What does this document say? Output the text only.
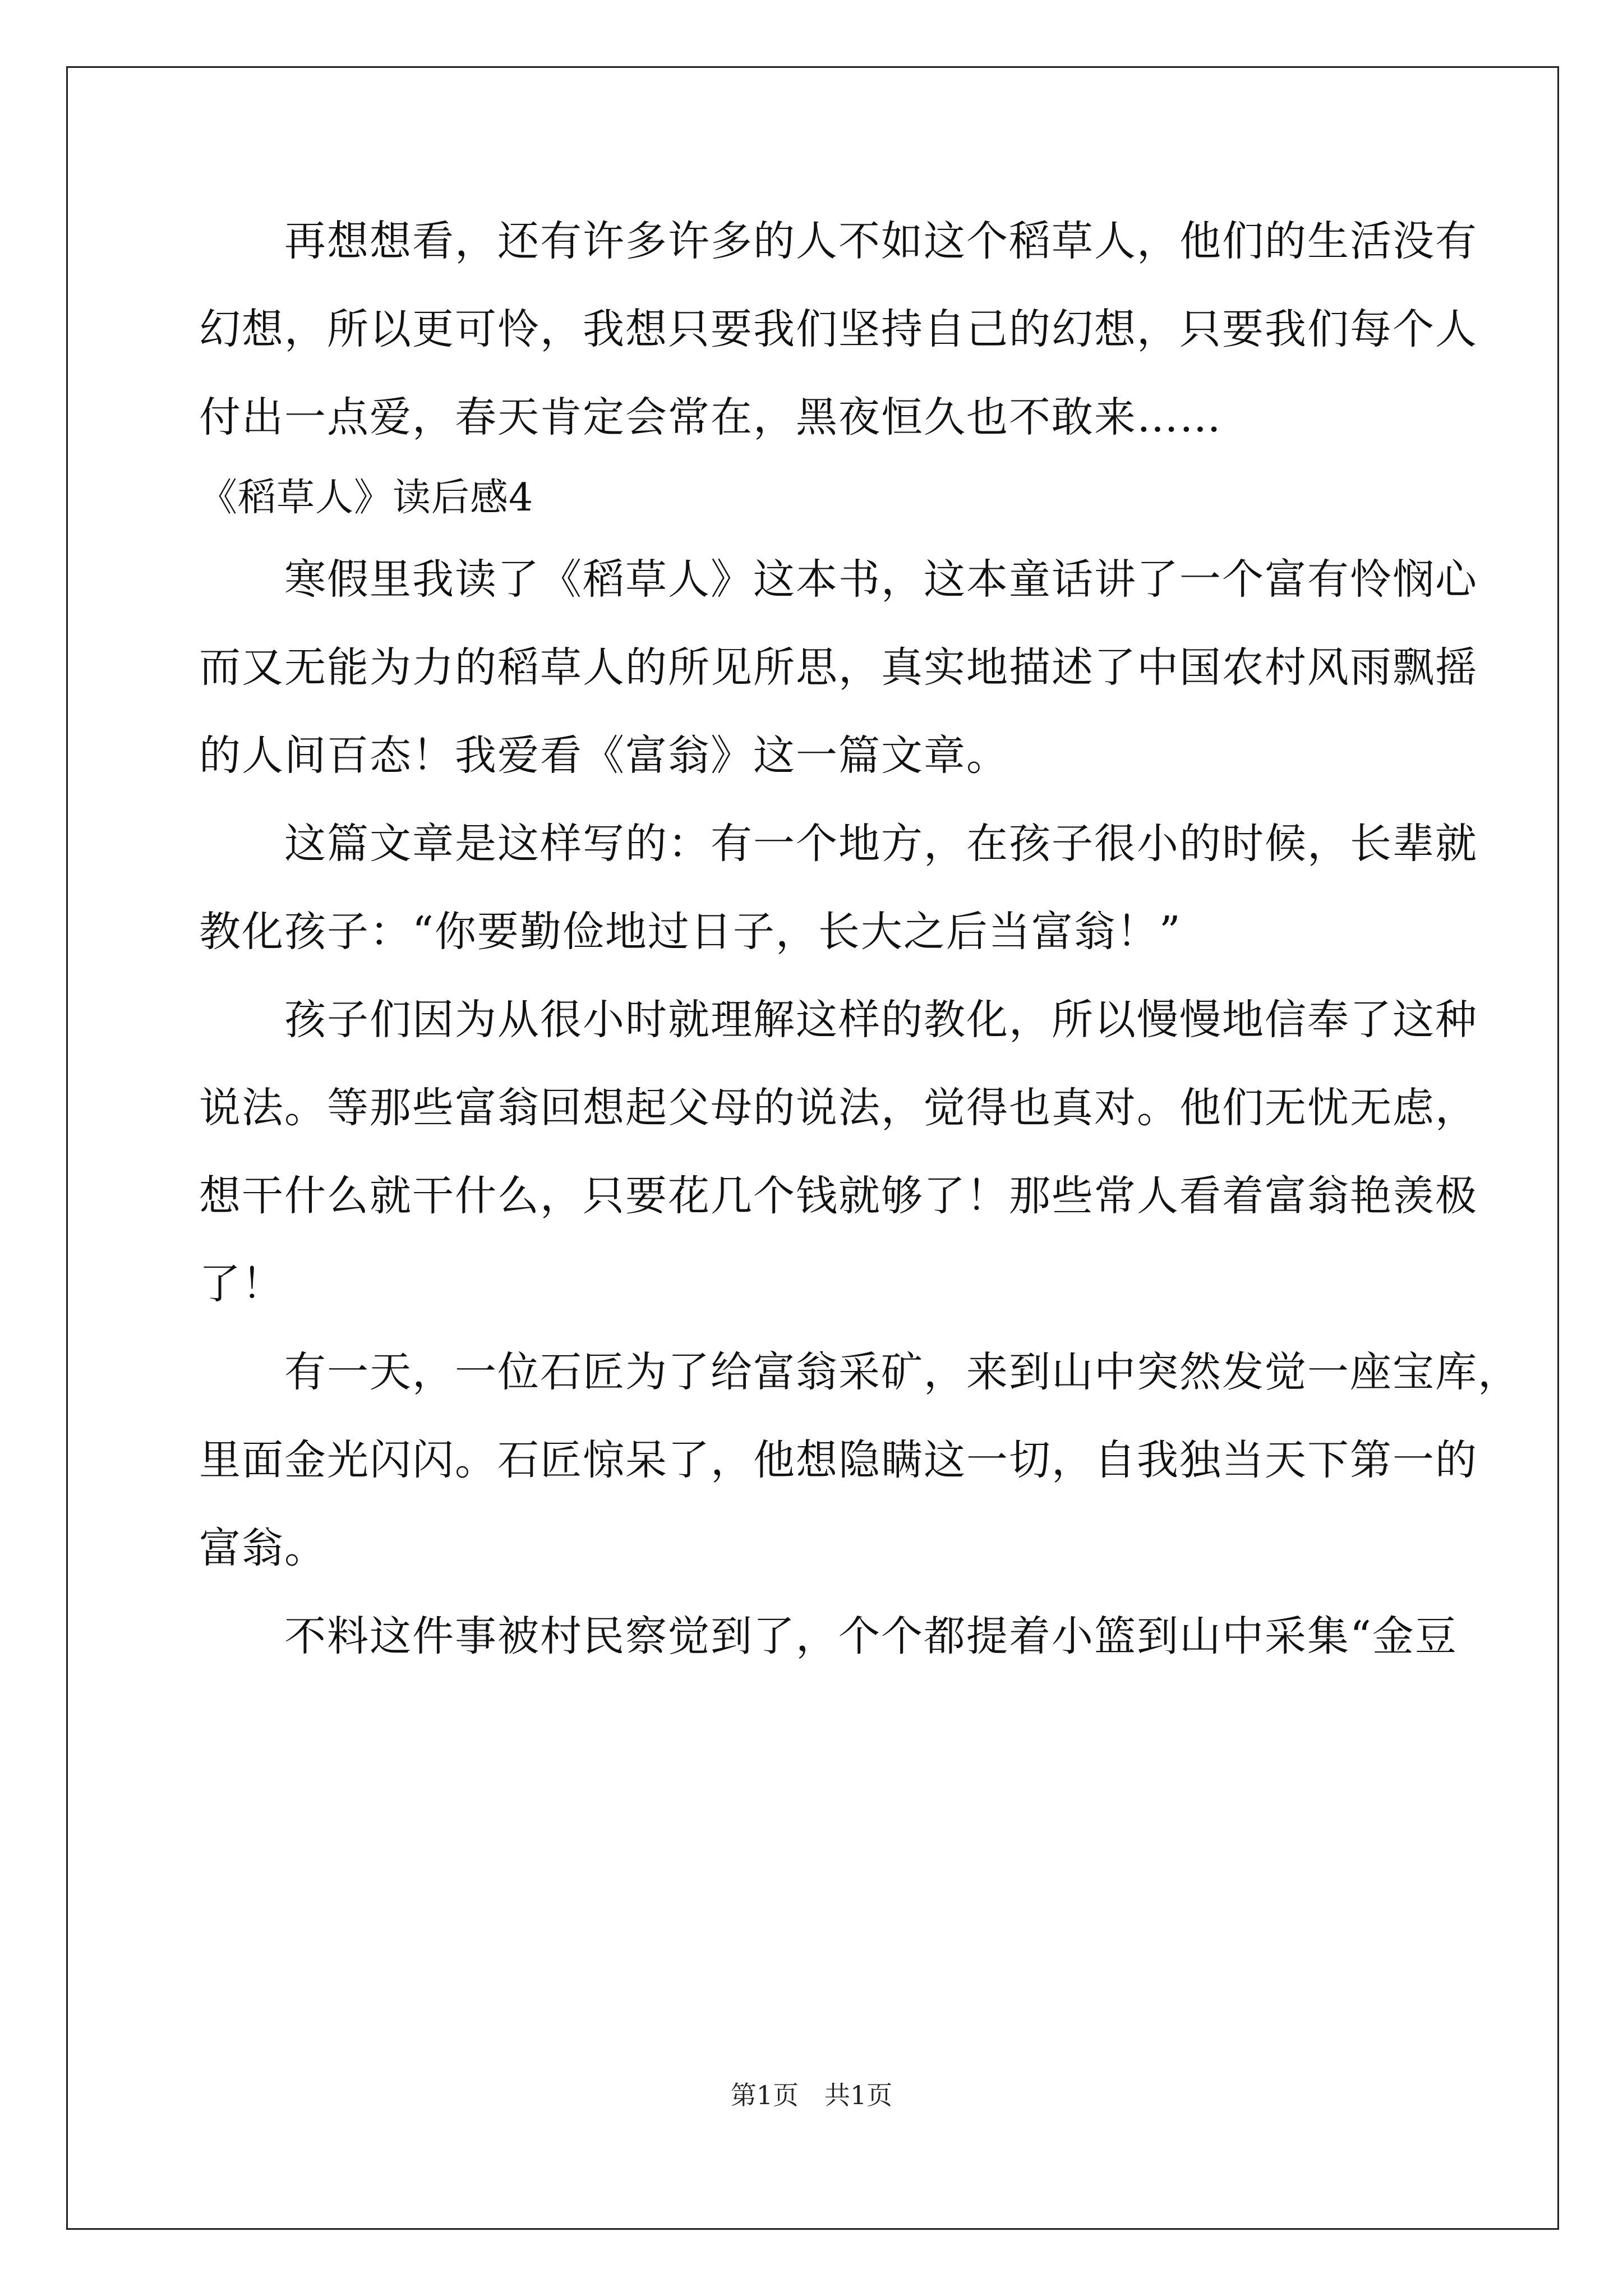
　　再想想看，还有许多许多的人不如这个稻草人，他们的生活没有
幻想，所以更可怜，我想只要我们坚持自己的幻想，只要我们每个人
付出一点爱，春天肯定会常在，黑夜恒久也不敢来……
《稻草人》读后感4
　　寒假里我读了《稻草人》这本书，这本童话讲了一个富有怜悯心
而又无能为力的稻草人的所见所思，真实地描述了中国农村风雨飘摇
的人间百态！我爱看《富翁》这一篇文章。
　　这篇文章是这样写的：有一个地方，在孩子很小的时候，长辈就
教化孩子：“你要勤俭地过日子，长大之后当富翁！”
　　孩子们因为从很小时就理解这样的教化，所以慢慢地信奉了这种
说法。等那些富翁回想起父母的说法，觉得也真对。他们无忧无虑，
想干什么就干什么，只要花几个钱就够了！那些常人看着富翁艳羡极
了！
　　有一天，一位石匠为了给富翁采矿，来到山中突然发觉一座宝库，
里面金光闪闪。石匠惊呆了，他想隐瞒这一切，自我独当天下第一的
富翁。
　　不料这件事被村民察觉到了，个个都提着小篮到山中采集“金豆
第1页　共1页
